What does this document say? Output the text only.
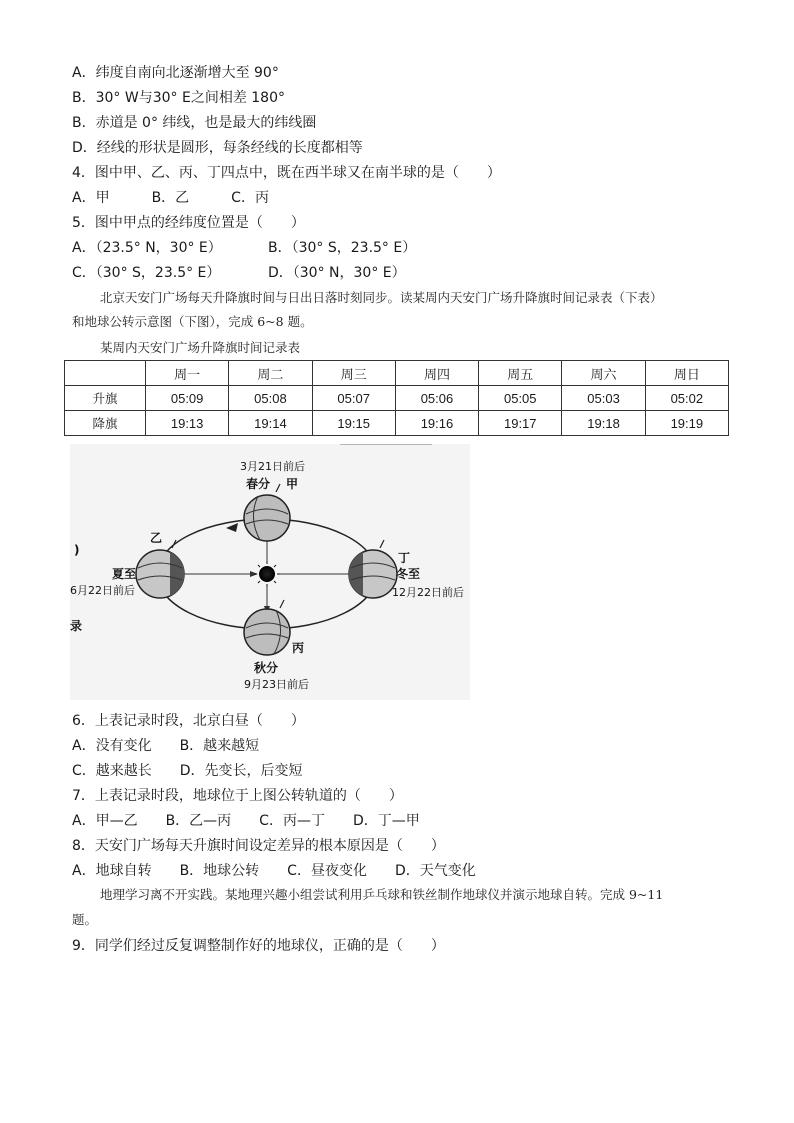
A．纬度自南向北逐渐增大至 90°
B．30° W与30° E之间相差 180°
B．赤道是 0° 纬线，也是最大的纬线圈
D．经线的形状是圆形，每条经线的长度都相等
4．图中甲、乙、丙、丁四点中，既在西半球又在南半球的是（　　）
A．甲　　　B．乙　　　C．丙
5．图中甲点的经纬度位置是（　　）
A．（23.5° N，30° E）	B．（30° S，23.5° E）
C．（30° S，23.5° E）	D．（30° N，30° E）
北京天安门广场每天升降旗时间与日出日落时刻同步。读某周内天安门广场升降旗时间记录表（下表）
和地球公转示意图（下图），完成 6~8 题。
某周内天安门广场升降旗时间记录表
	周一	周二	周三	周四	周五	周六	周日
升旗	05:09	05:08	05:07	05:06	05:05	05:03	05:02
降旗	19:13	19:14	19:15	19:16	19:17	19:18	19:19
3月21日前后
春分 甲
乙
夏至
6月22日前后
丁
冬至
12月22日前后
丙
秋分
9月23日前后
)
录
6．上表记录时段，北京白昼（　　）
A．没有变化　　B．越来越短
C．越来越长　　D．先变长，后变短
7．上表记录时段，地球位于上图公转轨道的（　　）
A．甲—乙　　B．乙—丙　　C．丙—丁　　D．丁—甲
8．天安门广场每天升旗时间设定差异的根本原因是（　　）
A．地球自转　　B．地球公转　　C．昼夜变化　　D．天气变化
地理学习离不开实践。某地理兴趣小组尝试利用乒乓球和铁丝制作地球仪并演示地球自转。完成 9~11
题。
9．同学们经过反复调整制作好的地球仪，正确的是（　　）
